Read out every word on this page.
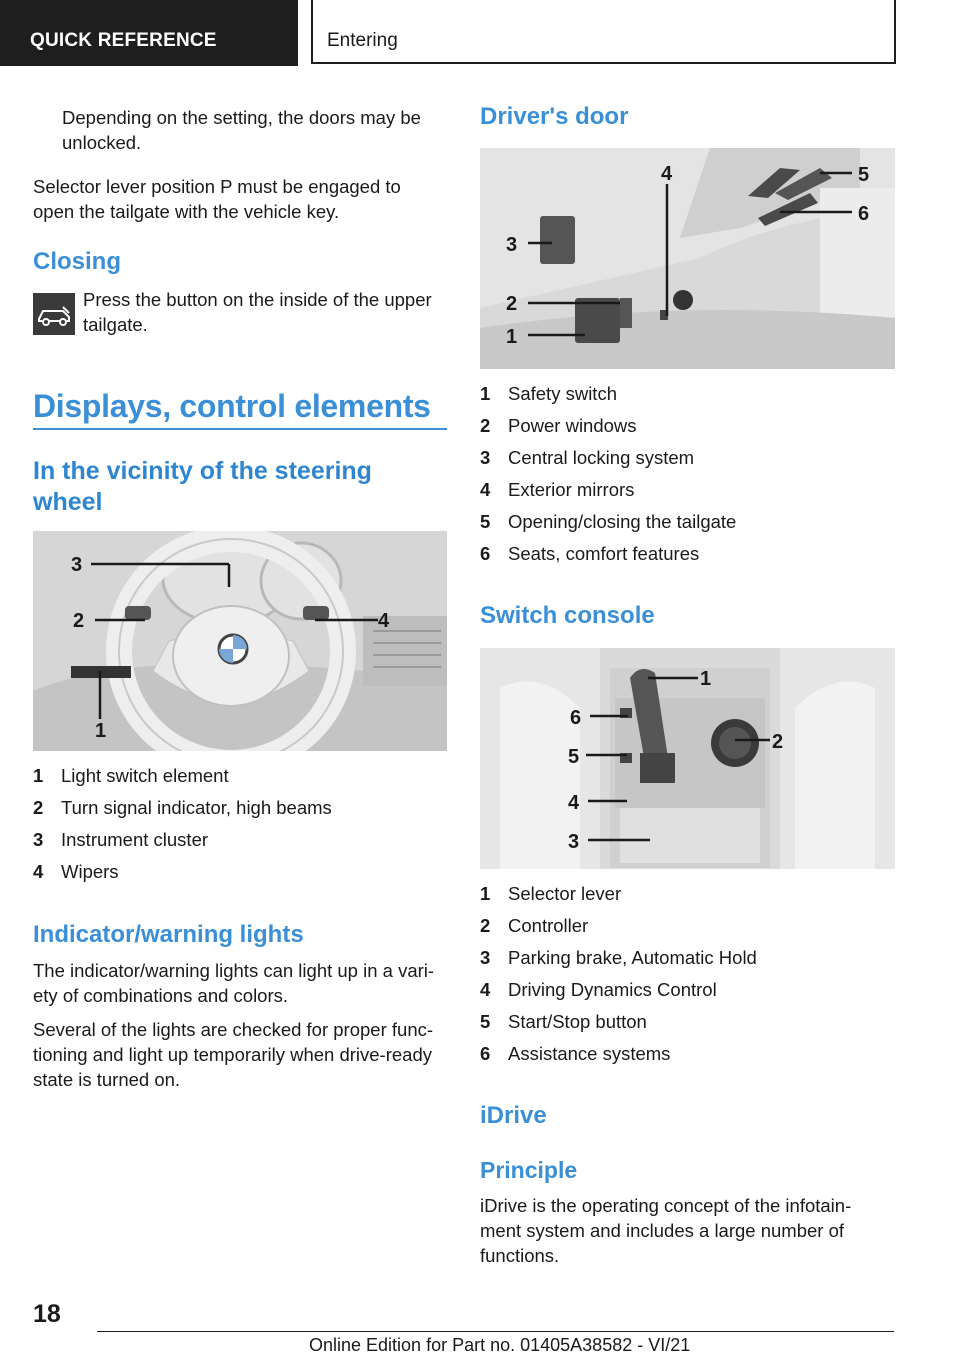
QUICK REFERENCE	Entering

Depending on the setting, the doors may be unlocked.

Selector lever position P must be engaged to open the tailgate with the vehicle key.

Closing

Press the button on the inside of the upper tailgate.

Displays, control elements
In the vicinity of the steering wheel
3
2	4
1
1 Light switch element
2 Turn signal indicator, high beams
3 Instrument cluster
4 Wipers
Indicator/warning lights

The indicator/warning lights can light up in a vari‐ety of combinations and colors.

Several of the lights are checked for proper func‐tioning and light up temporarily when drive-ready state is turned on.

Driver's door
1
2
3
4	5
6
1 Safety switch
2 Power windows
3 Central locking system
4 Exterior mirrors
5 Opening/closing the tailgate
6 Seats, comfort features
Switch console
1
2
3
4
5
6
1 Selector lever
2 Controller
3 Parking brake, Automatic Hold
4 Driving Dynamics Control
5 Start/Stop button
6 Assistance systems
iDrive
Principle

iDrive is the operating concept of the infotain‐ment system and includes a large number of functions.

18
Online Edition for Part no. 01405A38582 - VI/21
